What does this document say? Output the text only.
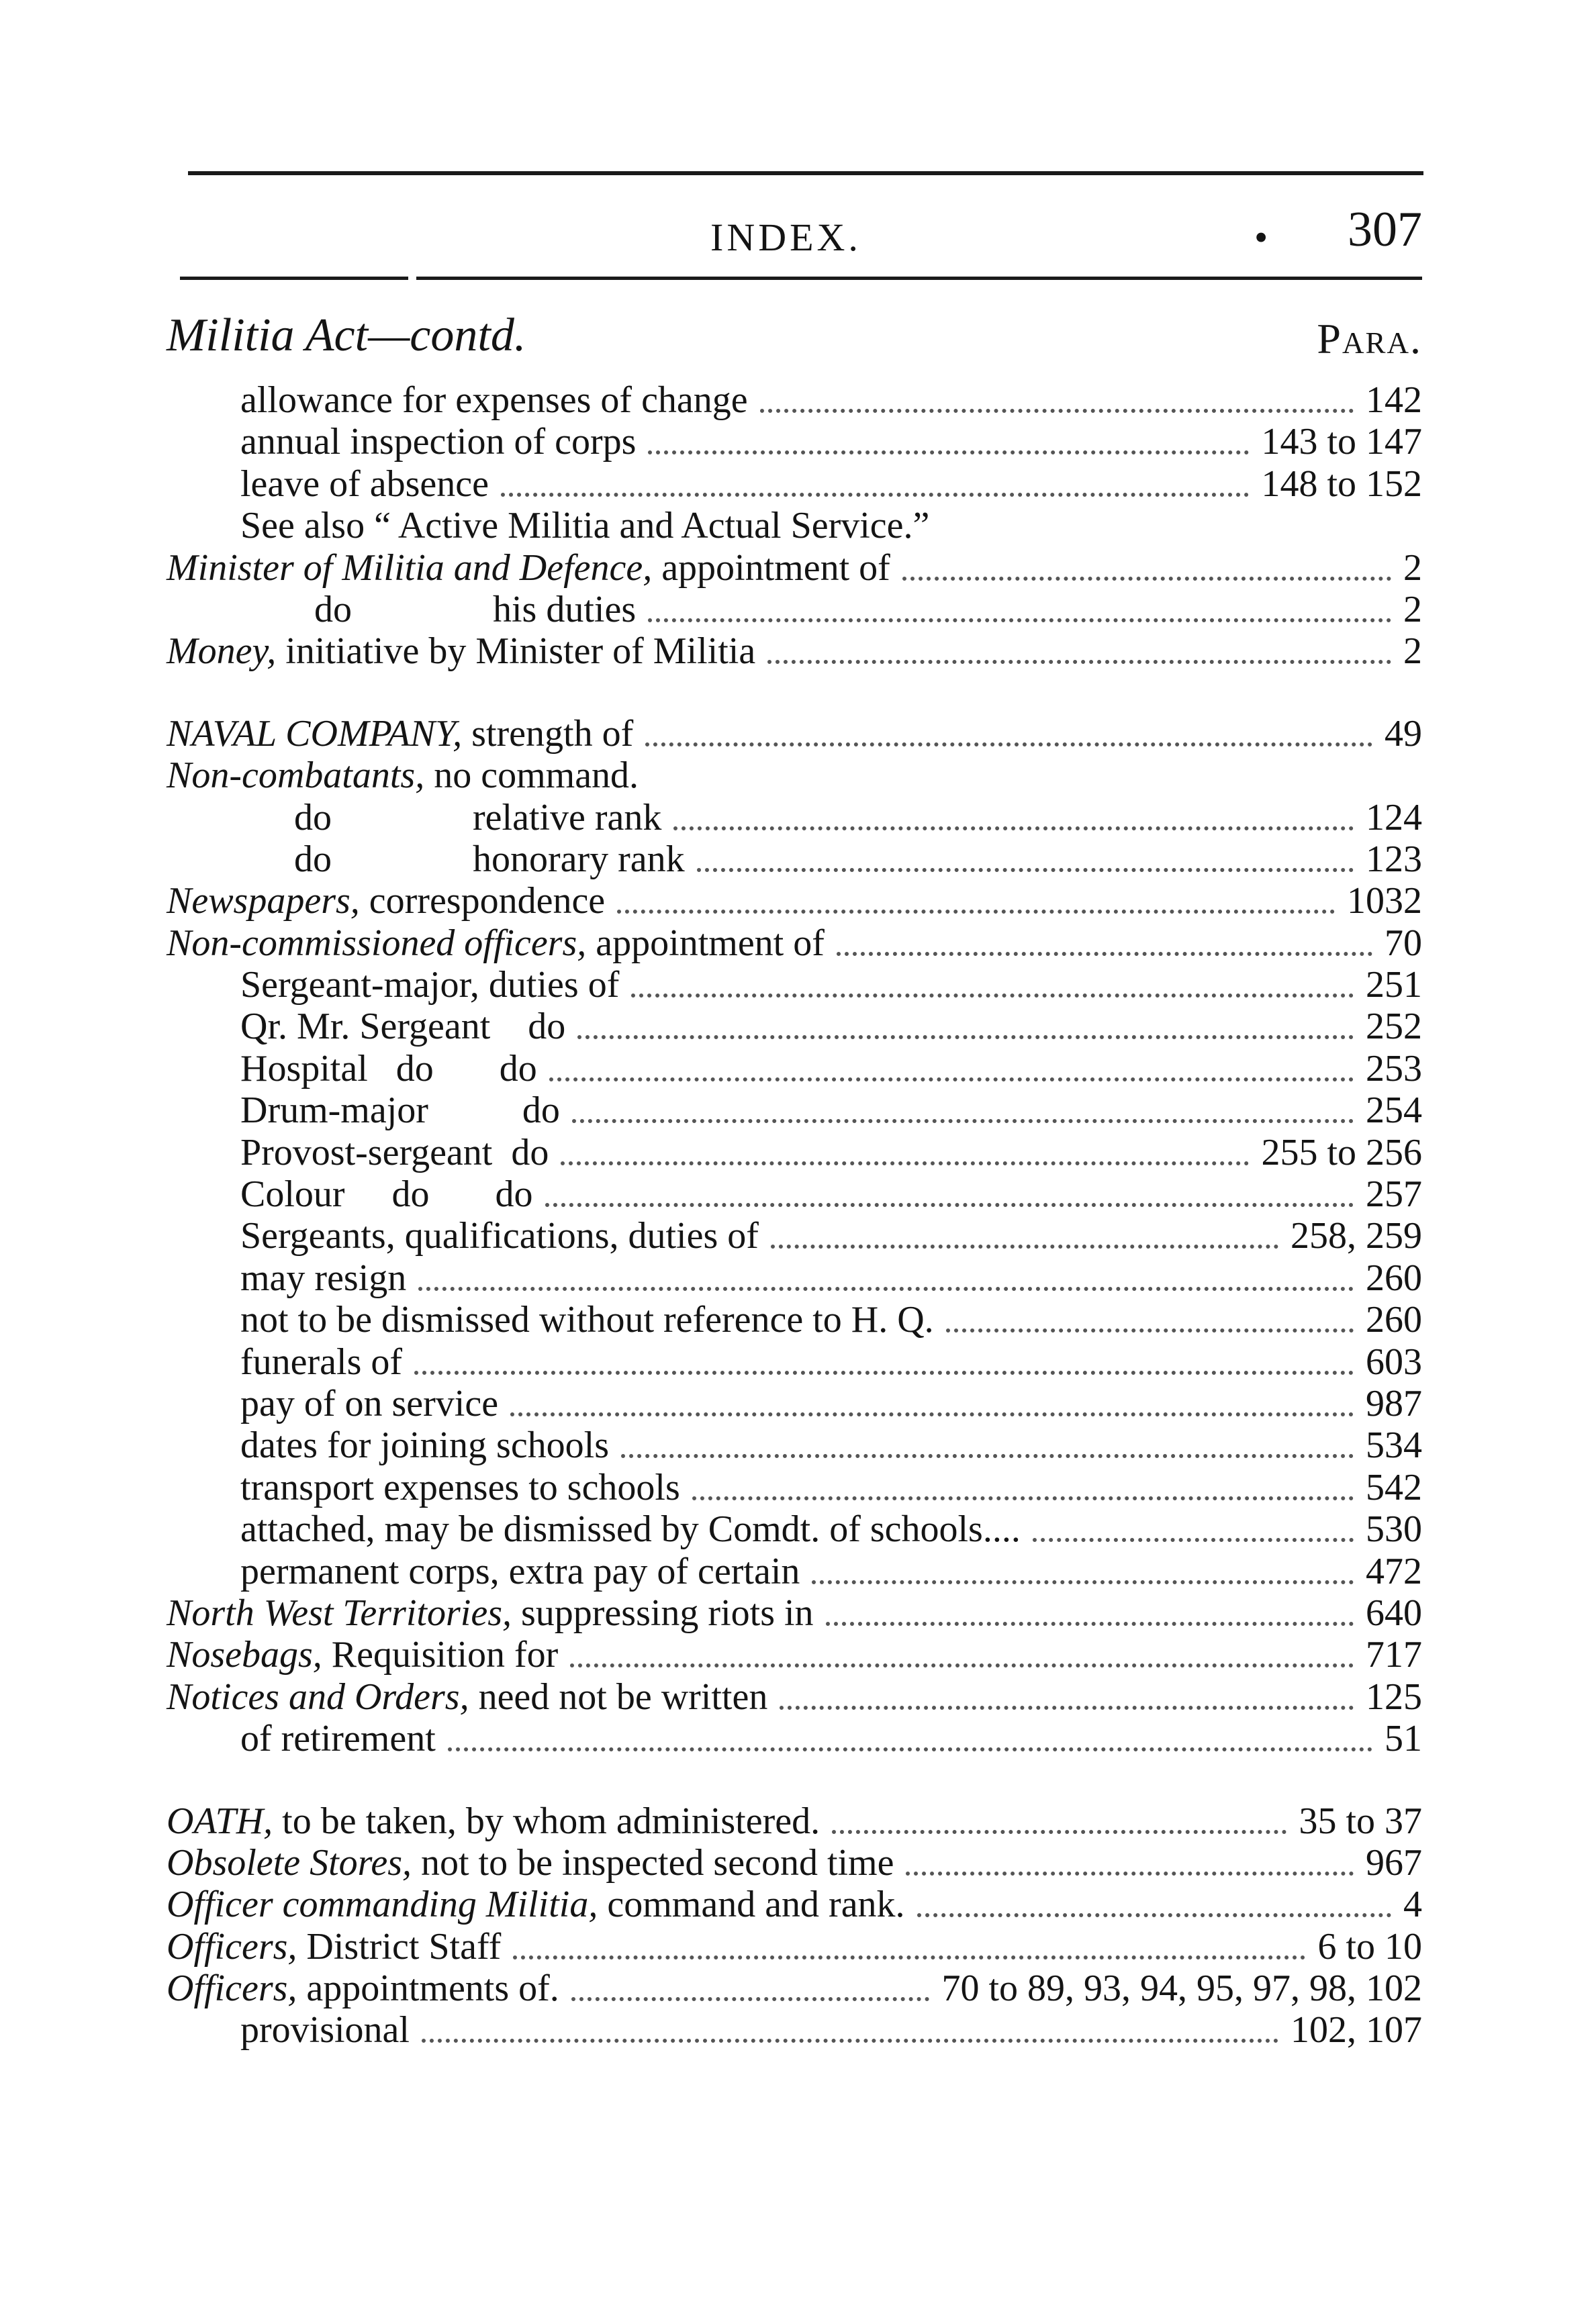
INDEX.	• 307
Militia Act—contd.	Para.
allowance for expenses of change	142
annual inspection of corps	143 to 147
leave of absence	148 to 152
See also “ Active Militia and Actual Service.”
Minister of Militia and Defence, appointment of	2
do               his duties	2
Money, initiative by Minister of Militia	2
NAVAL COMPANY, strength of	49
Non-combatants, no command.
do               relative rank	124
do               honorary rank	123
Newspapers, correspondence	1032
Non-commissioned officers, appointment of	70
Sergeant-major, duties of	251
Qr. Mr. Sergeant    do	252
Hospital   do       do	253
Drum-major          do	254
Provost-sergeant  do	255 to 256
Colour     do       do	257
Sergeants, qualifications, duties of	258, 259
may resign	260
not to be dismissed without reference to H. Q.	260
funerals of	603
pay of on service	987
dates for joining schools	534
transport expenses to schools	542
attached, may be dismissed by Comdt. of schools....	530
permanent corps, extra pay of certain	472
North West Territories, suppressing riots in	640
Nosebags, Requisition for	717
Notices and Orders, need not be written	125
of retirement	51
OATH, to be taken, by whom administered.	35 to 37
Obsolete Stores, not to be inspected second time	967
Officer commanding Militia, command and rank.	4
Officers, District Staff	6 to 10
Officers, appointments of.	70 to 89, 93, 94, 95, 97, 98, 102
provisional	102, 107
